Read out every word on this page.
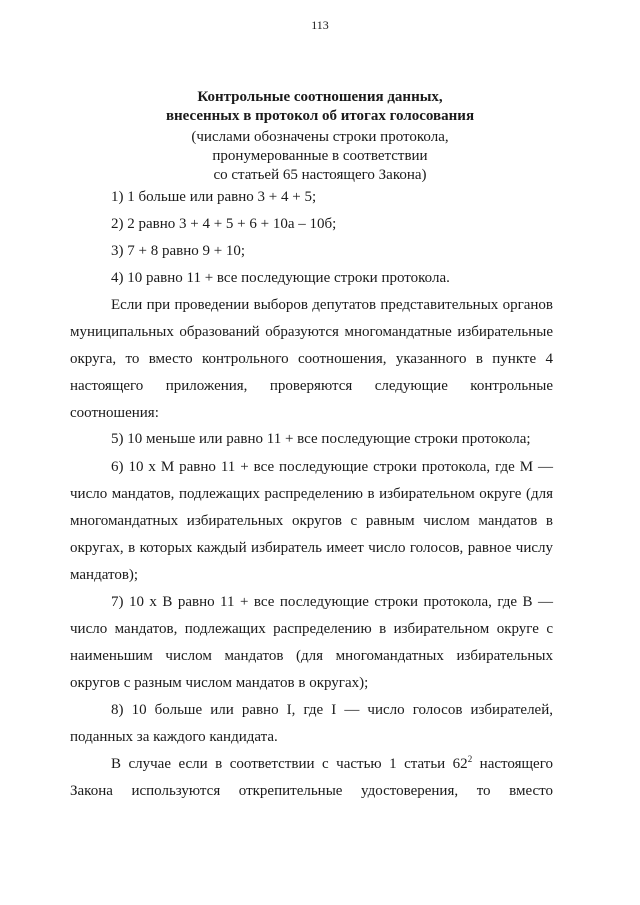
113
Контрольные соотношения данных,
внесенных в протокол об итогах голосования
(числами обозначены строки протокола,
пронумерованные в соответствии
со статьей 65 настоящего Закона)
1) 1 больше или равно 3 + 4 + 5;
2) 2 равно 3 + 4 + 5 + 6 + 10а – 10б;
3) 7 + 8 равно 9 + 10;
4) 10 равно 11 + все последующие строки протокола.
Если при проведении выборов депутатов представительных органов
муниципальных образований образуются многомандатные избирательные
округа, то вместо контрольного соотношения, указанного в пункте 4
настоящего приложения, проверяются следующие контрольные
соотношения:
5) 10 меньше или равно 11 + все последующие строки протокола;
6) 10 x М равно 11 + все последующие строки протокола, где М —
число мандатов, подлежащих распределению в избирательном округе (для
многомандатных избирательных округов с равным числом мандатов в
округах, в которых каждый избиратель имеет число голосов, равное числу
мандатов);
7) 10 x В равно 11 + все последующие строки протокола, где В —
число мандатов, подлежащих распределению в избирательном округе с
наименьшим числом мандатов (для многомандатных избирательных
округов с разным числом мандатов в округах);
8) 10 больше или равно I, где I — число голосов избирателей,
поданных за каждого кандидата.
В случае если в соответствии с частью 1 статьи $62^2$ настоящего
Закона используются открепительные удостоверения, то вместо
